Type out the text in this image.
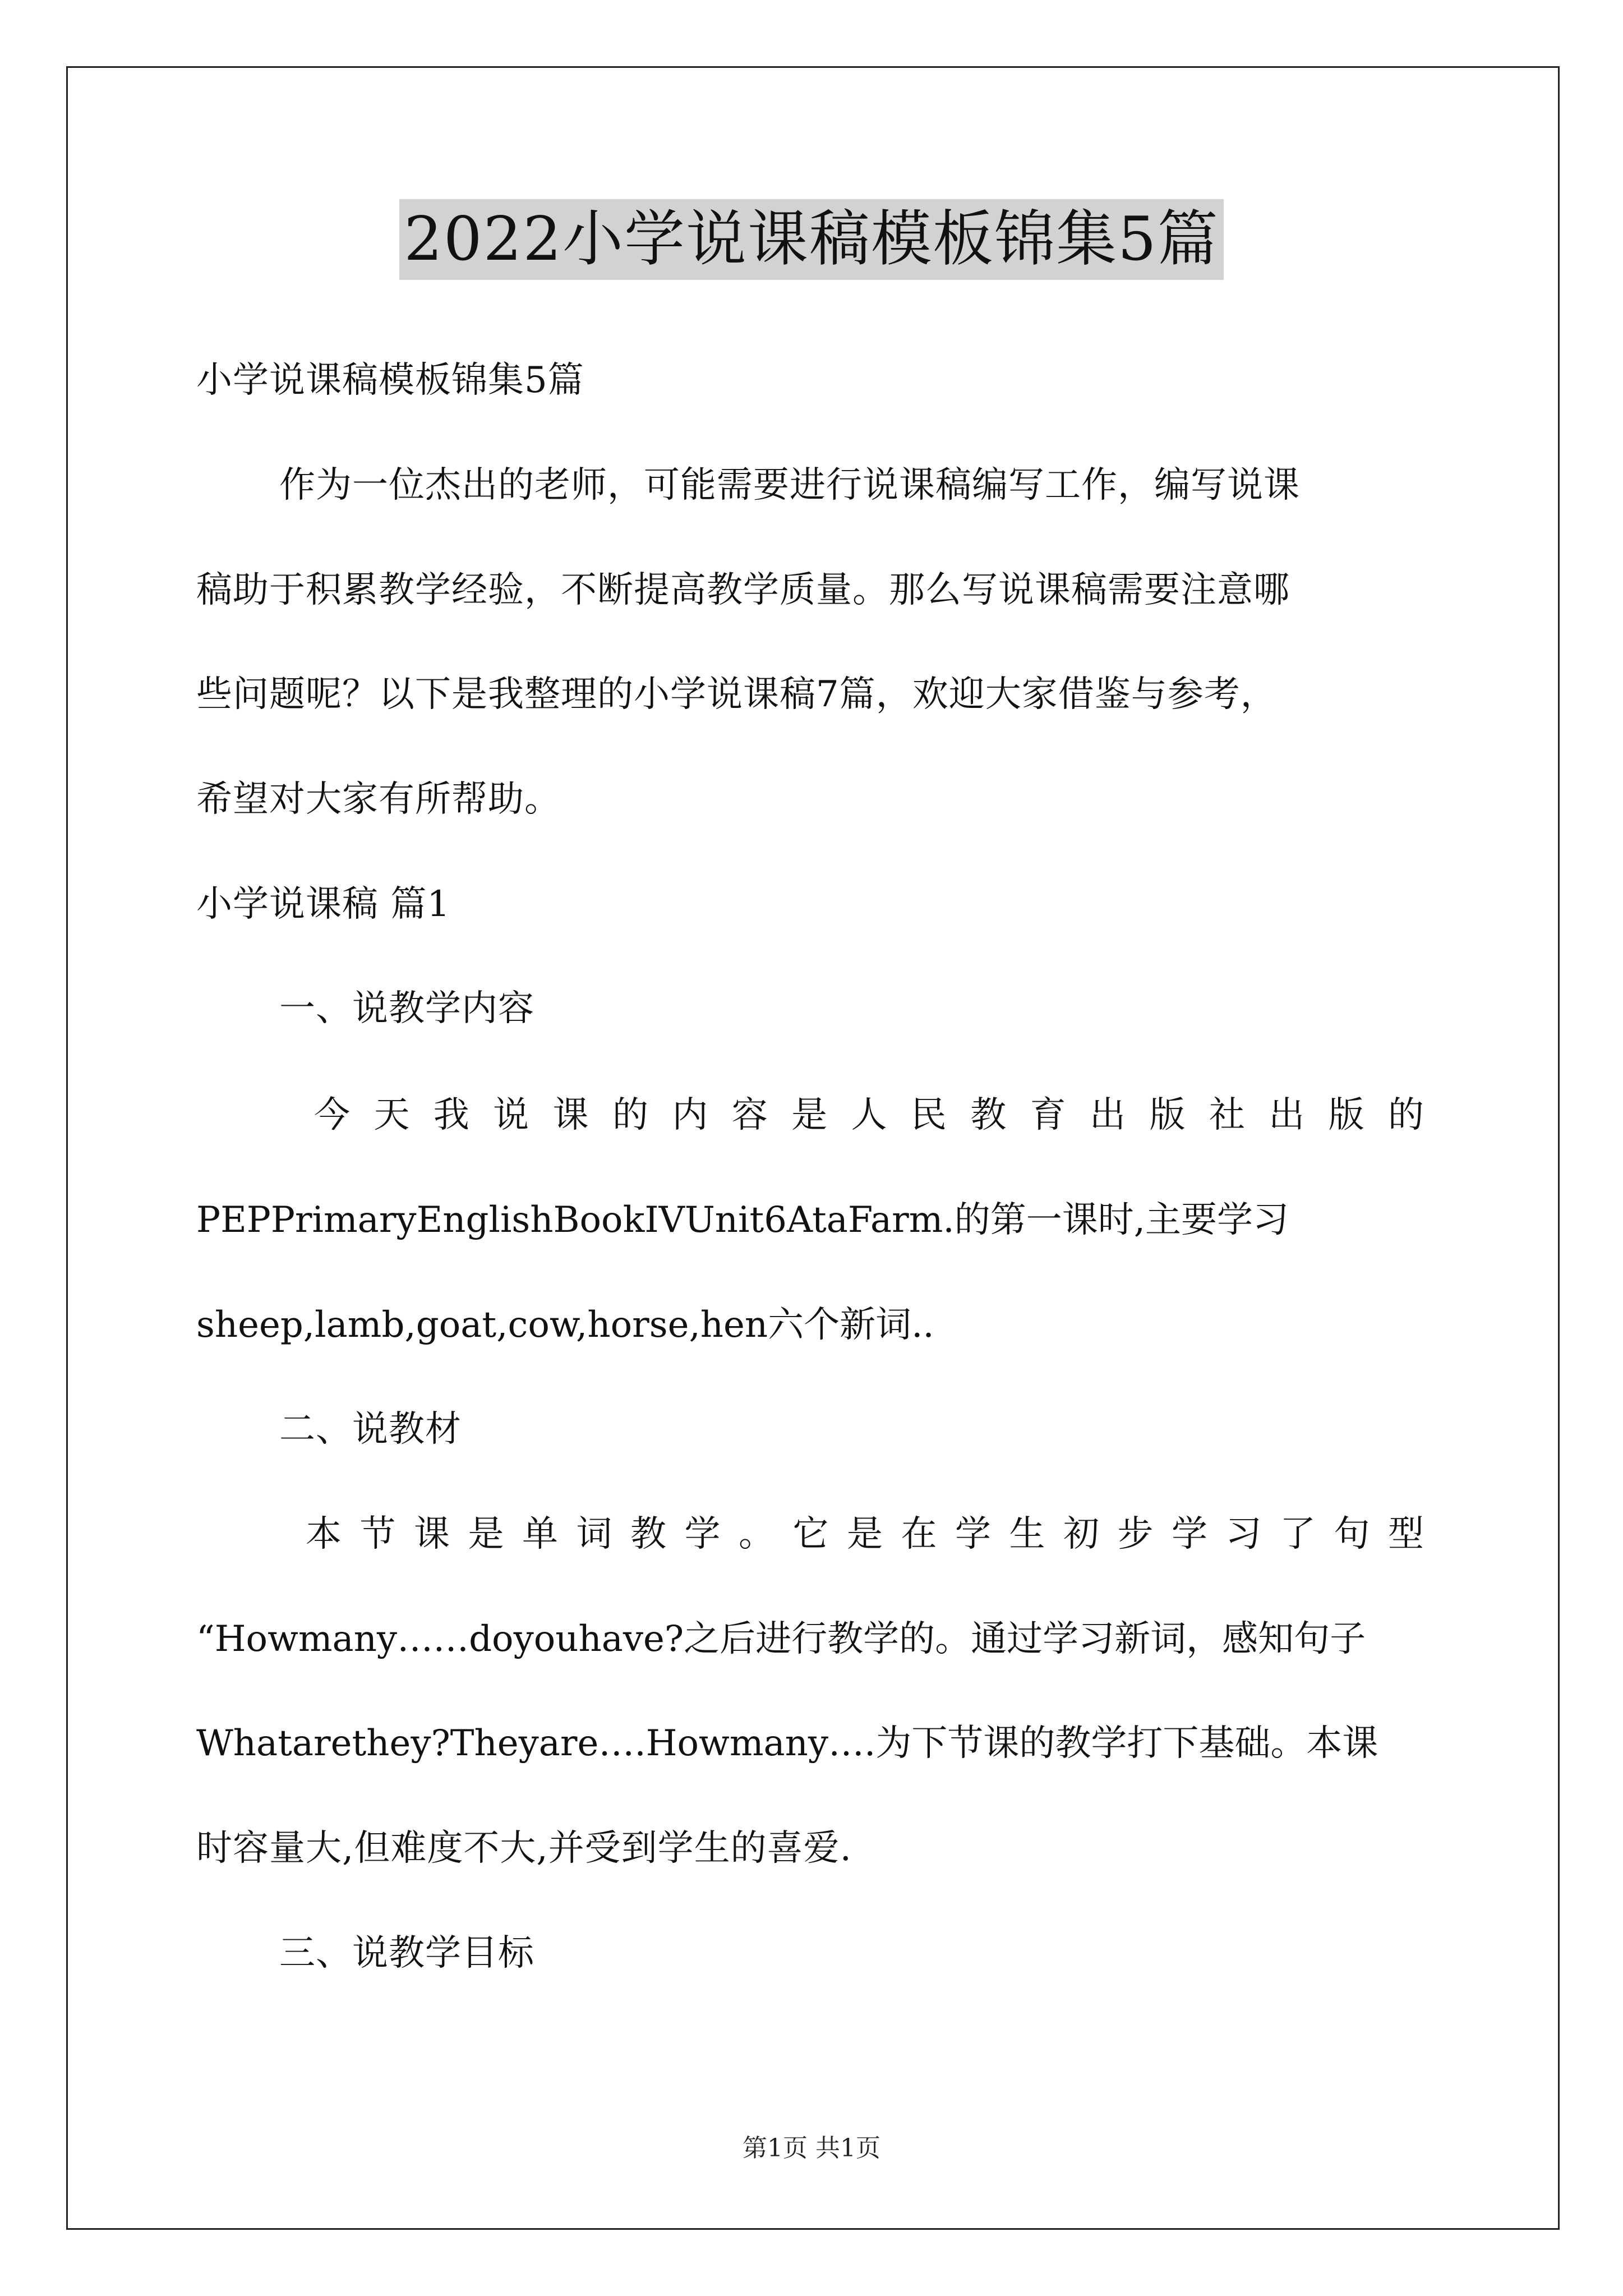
2022小学说课稿模板锦集5篇

小学说课稿模板锦集5篇

作为一位杰出的老师，可能需要进行说课稿编写工作，编写说课

稿助于积累教学经验，不断提高教学质量。那么写说课稿需要注意哪

些问题呢？以下是我整理的小学说课稿7篇，欢迎大家借鉴与参考，

希望对大家有所帮助。

小学说课稿 篇1

一、说教学内容

今天我说课的内容是人民教育出版社出版的

PEPPrimaryEnglishBookIVUnit6AtaFarm.的第一课时,主要学习

sheep,lamb,goat,cow,horse,hen六个新词..

二、说教材

本节课是单词教学。它是在学生初步学习了句型

“Howmany……doyouhave?之后进行教学的。通过学习新词，感知句子

Whatarethey?Theyare….Howmany….为下节课的教学打下基础。本课

时容量大,但难度不大,并受到学生的喜爱.

三、说教学目标

第1页 共1页
